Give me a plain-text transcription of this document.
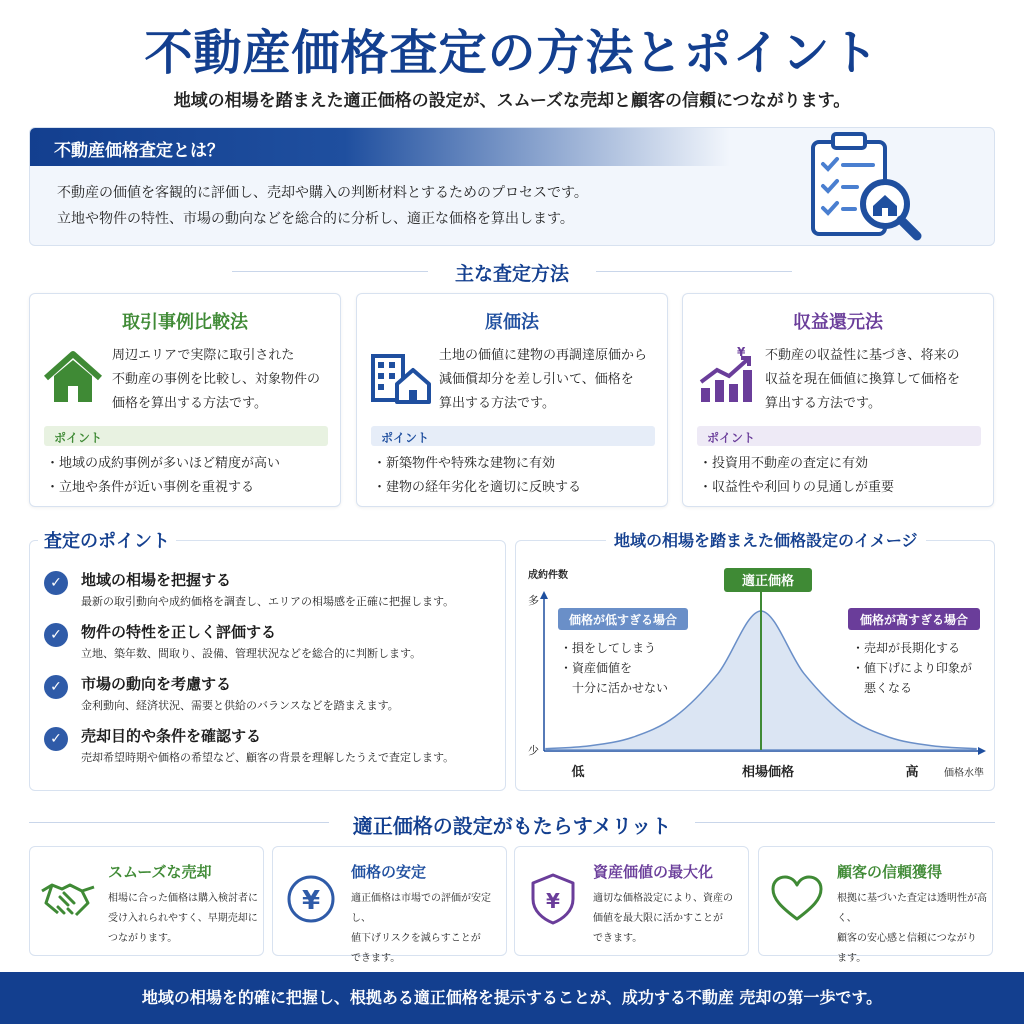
不動産価格査定の方法とポイント
地域の相場を踏まえた適正価格の設定が、スムーズな売却と顧客の信頼につながります。
不動産価格査定とは？
不動産の価値を客観的に評価し、売却や購入の判断材料とするためのプロセスです。
立地や物件の特性、市場の動向などを総合的に分析し、適正な価格を算出します。
主な査定方法
取引事例比較法
周辺エリアで実際に取引された
不動産の事例を比較し、対象物件の
価格を算出する方法です。
ポイント
・地域の成約事例が多いほど精度が高い
・立地や条件が近い事例を重視する
原価法
土地の価値に建物の再調達原価から
減価償却分を差し引いて、価格を
算出する方法です。
ポイント
・新築物件や特殊な建物に有効
・建物の経年劣化を適切に反映する
収益還元法
¥ 不動産の収益性に基づき、将来の
収益を現在価値に換算して価格を
算出する方法です。
ポイント
・投資用不動産の査定に有効
・収益性や利回りの見通しが重要
✓	地域の相場を把握する
最新の取引動向や成約価格を調査し、エリアの相場感を正確に把握します。
✓	物件の特性を正しく評価する
立地、築年数、間取り、設備、管理状況などを総合的に判断します。
✓	市場の動向を考慮する
金利動向、経済状況、需要と供給のバランスなどを踏まえます。
✓	売却目的や条件を確認する
売却希望時期や価格の希望など、顧客の背景を理解したうえで査定します。
査定のポイント
適正価格
成約件数
多
少
低	相場価格	高	価格水準
価格が低すぎる場合
・損をしてしまう
・資産価値を
　十分に活かせない
価格が高すぎる場合
・売却が長期化する
・値下げにより印象が
　悪くなる
地域の相場を踏まえた価格設定のイメージ
適正価格の設定がもたらすメリット
スムーズな売却
相場に合った価格は購入検討者に
受け入れられやすく、早期売却に
つながります。
¥
価格の安定
適正価格は市場での評価が安定し、
値下げリスクを減らすことが
できます。
¥
資産価値の最大化
適切な価格設定により、資産の
価値を最大限に活かすことが
できます。
顧客の信頼獲得
根拠に基づいた査定は透明性が高く、
顧客の安心感と信頼につながり
ます。
地域の相場を的確に把握し、根拠ある適正価格を提示することが、成功する不動産 売却の第一歩です。
